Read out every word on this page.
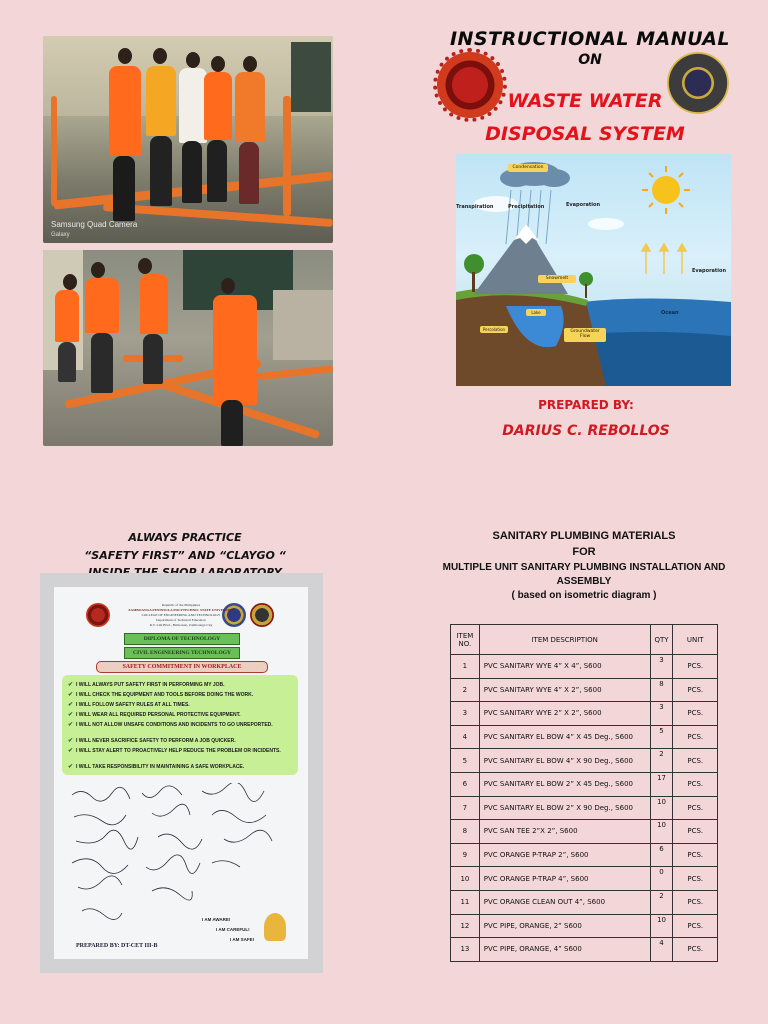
Samsung Quad Camera
Galaxy
INSTRUCTIONAL MANUAL
ON
WASTE WATER
DISPOSAL SYSTEM
Condensation
Transpiration	Precipitation	Evaporation
Evaporation
Snowmelt
Lake
Percolation	Groundwater Flow
Ocean
PREPARED BY:
DARIUS C. REBOLLOS
ALWAYS PRACTICE
“SAFETY FIRST” AND “CLAYGO “
Republic of the Philippines
ZAMBOANGA PENINSULA POLYTECHNIC STATE UNIVERSITY
COLLEGE OF ENGINEERING AND TECHNOLOGY
Department of Technical Education
R.T. Lim Blvd., Baliwasan, Zamboanga City
DIPLOMA OF TECHNOLOGY
CIVIL ENGINEERING TECHNOLOGY
SAFETY COMMITMENT IN WORKPLACE
✔ I WILL ALWAYS PUT SAFETY FIRST IN PERFORMING MY JOB.
✔ I WILL CHECK THE EQUIPMENT AND TOOLS BEFORE DOING THE WORK.
✔ I WILL FOLLOW SAFETY RULES AT ALL TIMES.
✔ I WILL WEAR ALL REQUIRED PERSONAL PROTECTIVE EQUIPMENT.
✔ I WILL NOT ALLOW UNSAFE CONDITIONS AND INCIDENTS TO GO UNREPORTED.
✔ I WILL NEVER SACRIFICE SAFETY TO PERFORM A JOB QUICKER.
✔ I WILL STAY ALERT TO PROACTIVELY HELP REDUCE THE PROBLEM OR INCIDENTS.
✔ I WILL TAKE RESPONSIBILITY IN MAINTAINING A SAFE WORKPLACE.
I AM AWARE!
I AM CAREFUL!
I AM SAFE!
PREPARED BY: DT-CET III-B
SANITARY PLUMBING MATERIALS
FOR
MULTIPLE UNIT SANITARY PLUMBING INSTALLATION AND ASSEMBLY
( based on isometric diagram )
ITEM NO.	ITEM DESCRIPTION	QTY	UNIT
1	PVC SANITARY WYE 4” X 4”, S600	3	PCS.
2	PVC SANITARY WYE 4” X 2”, S600	8	PCS.
3	PVC SANITARY WYE 2” X 2”, S600	3	PCS.
4	PVC SANITARY EL BOW 4” X 45 Deg., S600	5	PCS.
5	PVC SANITARY EL BOW 4” X 90 Deg., S600	2	PCS.
6	PVC SANITARY EL BOW 2” X 45 Deg., S600	17	PCS.
7	PVC SANITARY EL BOW 2” X 90 Deg., S600	10	PCS.
8	PVC SAN TEE 2”X 2”, S600	10	PCS.
9	PVC ORANGE P-TRAP 2”, S600	6	PCS.
10	PVC ORANGE P-TRAP 4”, S600	0	PCS.
11	PVC ORANGE CLEAN OUT 4”, S600	2	PCS.
12	PVC PIPE, ORANGE, 2” S600	10	PCS.
13	PVC PIPE, ORANGE, 4” S600	4	PCS.
